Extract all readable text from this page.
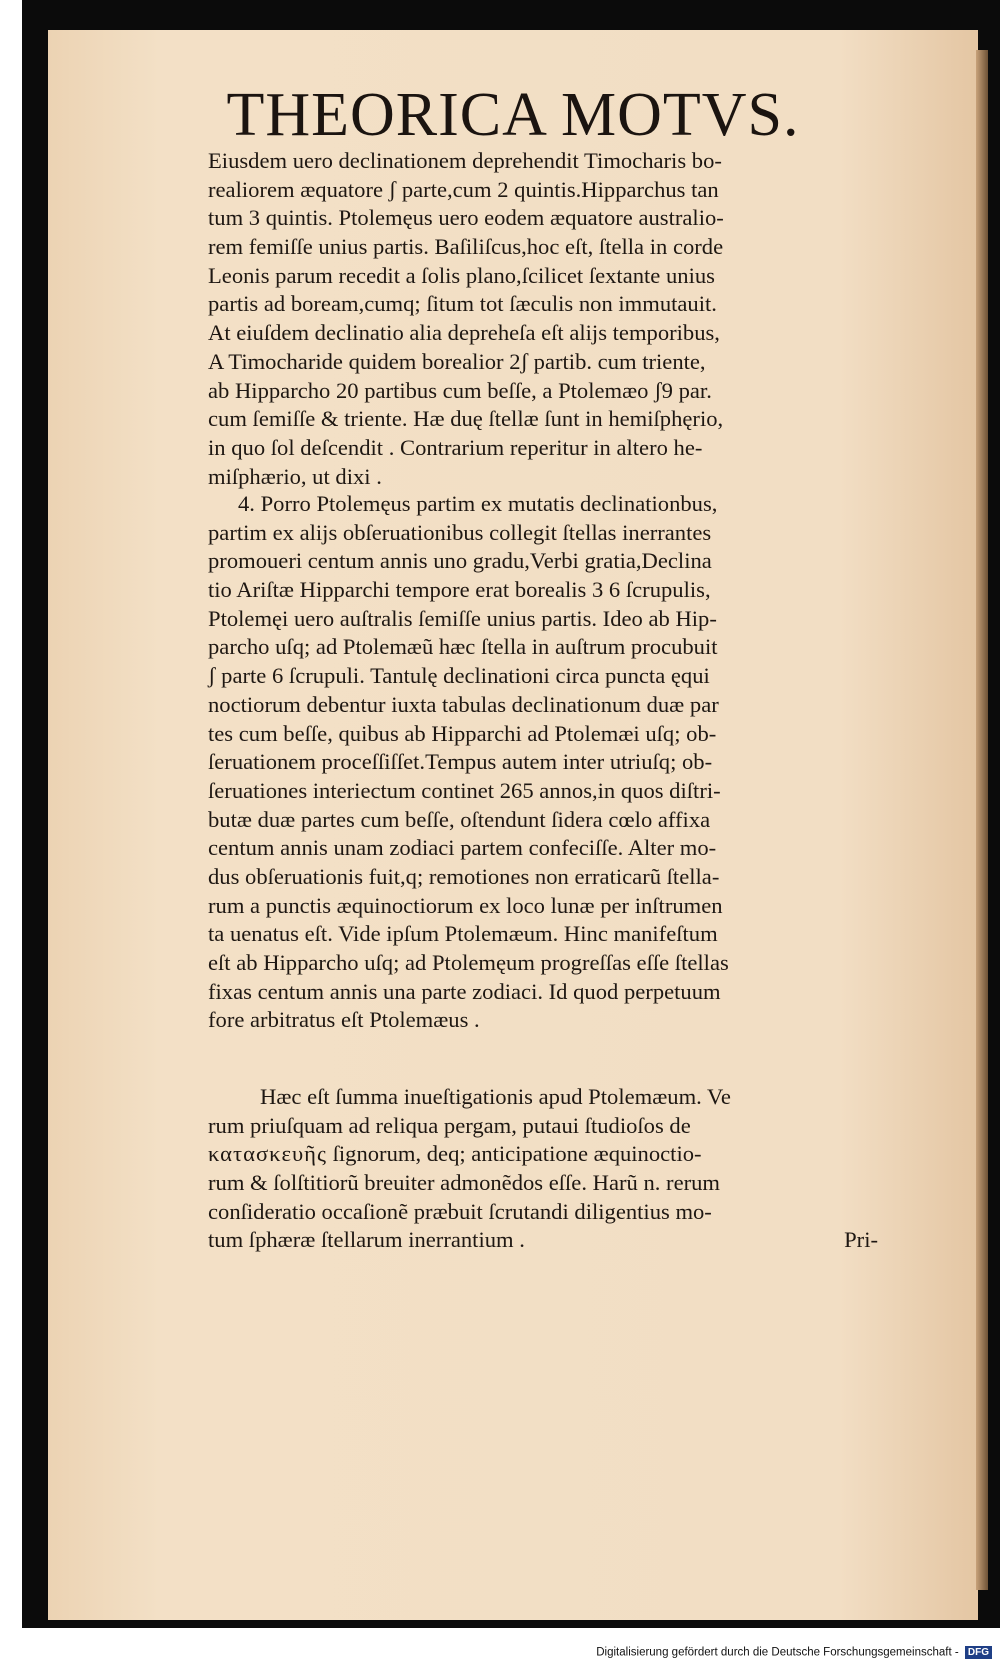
THEORICA MOTVS.
Eiusdem uero declinationem deprehendit Timocharis bo-
realiorem æquatore ʃ parte,cum 2 quintis.Hipparchus tan
tum 3 quintis. Ptolemęus uero eodem æquatore australio-
rem femiſſe unius partis. Baſiliſcus,hoc eſt, ſtella in corde
Leonis parum recedit a ſolis plano,ſcilicet ſextante unius
partis ad boream,cumq; ſitum tot ſæculis non immutauit.
At eiuſdem declinatio alia depreheſa eſt aliјs temporibus,
A Timocharide quidem borealior 2ʃ partib. cum triente,
ab Hipparcho 20 partibus cum beſſe, a Ptolemæo ʃ9 par.
cum ſemiſſe & triente. Hæ duę ſtellæ ſunt in hemiſphęrio,
in quo ſol deſcendit . Contrarium reperitur in altero he-
miſphærio, ut dixi .
4. Porro Ptolemęus partim ex mutatis declinationbus,
partim ex aliјs obſeruationibus collegit ſtellas inerrantes
promoueri centum annis uno gradu,Verbi gratia,Declina
tio Ariſtæ Hipparchi tempore erat borealis 3 6 ſcrupulis,
Ptolemęi uero auſtralis ſemiſſe unius partis. Ideo ab Hip-
parcho uſq; ad Ptolemæũ hæc ſtella in auſtrum procubuit
ʃ parte 6 ſcrupuli. Tantulę declinationi circa puncta ęqui
noctiorum debentur iuxta tabulas declinationum duæ par
tes cum beſſe, quibus ab Hipparchi ad Ptolemæi uſq; ob-
ſeruationem proceſſiſſet.Tempus autem inter utriuſq; ob-
ſeruationes interiectum continet 265 annos,in quos diſtri-
butæ duæ partes cum beſſe, oſtendunt ſidera cœlo affixa
centum annis unam zodiaci partem confeciſſe. Alter mo-
dus obſeruationis fuit,q; remotiones non erraticarũ ſtella-
rum a punctis æquinoctiorum ex loco lunæ per inſtrumen
ta uenatus eſt. Vide ipſum Ptolemæum. Hinc manifeſtum
eſt ab Hipparcho uſq; ad Ptolemęum progreſſas eſſe ſtellas
fixas centum annis una parte zodiaci. Id quod perpetuum
fore arbitratus eſt Ptolemæus .
Hæc eſt ſumma inueſtigationis apud Ptolemæum. Ve
rum priuſquam ad reliqua pergam, putaui ſtudioſos de
κατασκευῆς ſignorum, deq; anticipatione æquinoctio-
rum & ſolſtitiorũ breuiter admonẽdos eſſe. Harũ n. rerum
conſideratio occaſionẽ præbuit ſcrutandi diligentius mo-
tum ſphæræ ſtellarum inerrantium .	Pri-
Digitalisierung gefördert durch die Deutsche Forschungsgemeinschaft - DFG
